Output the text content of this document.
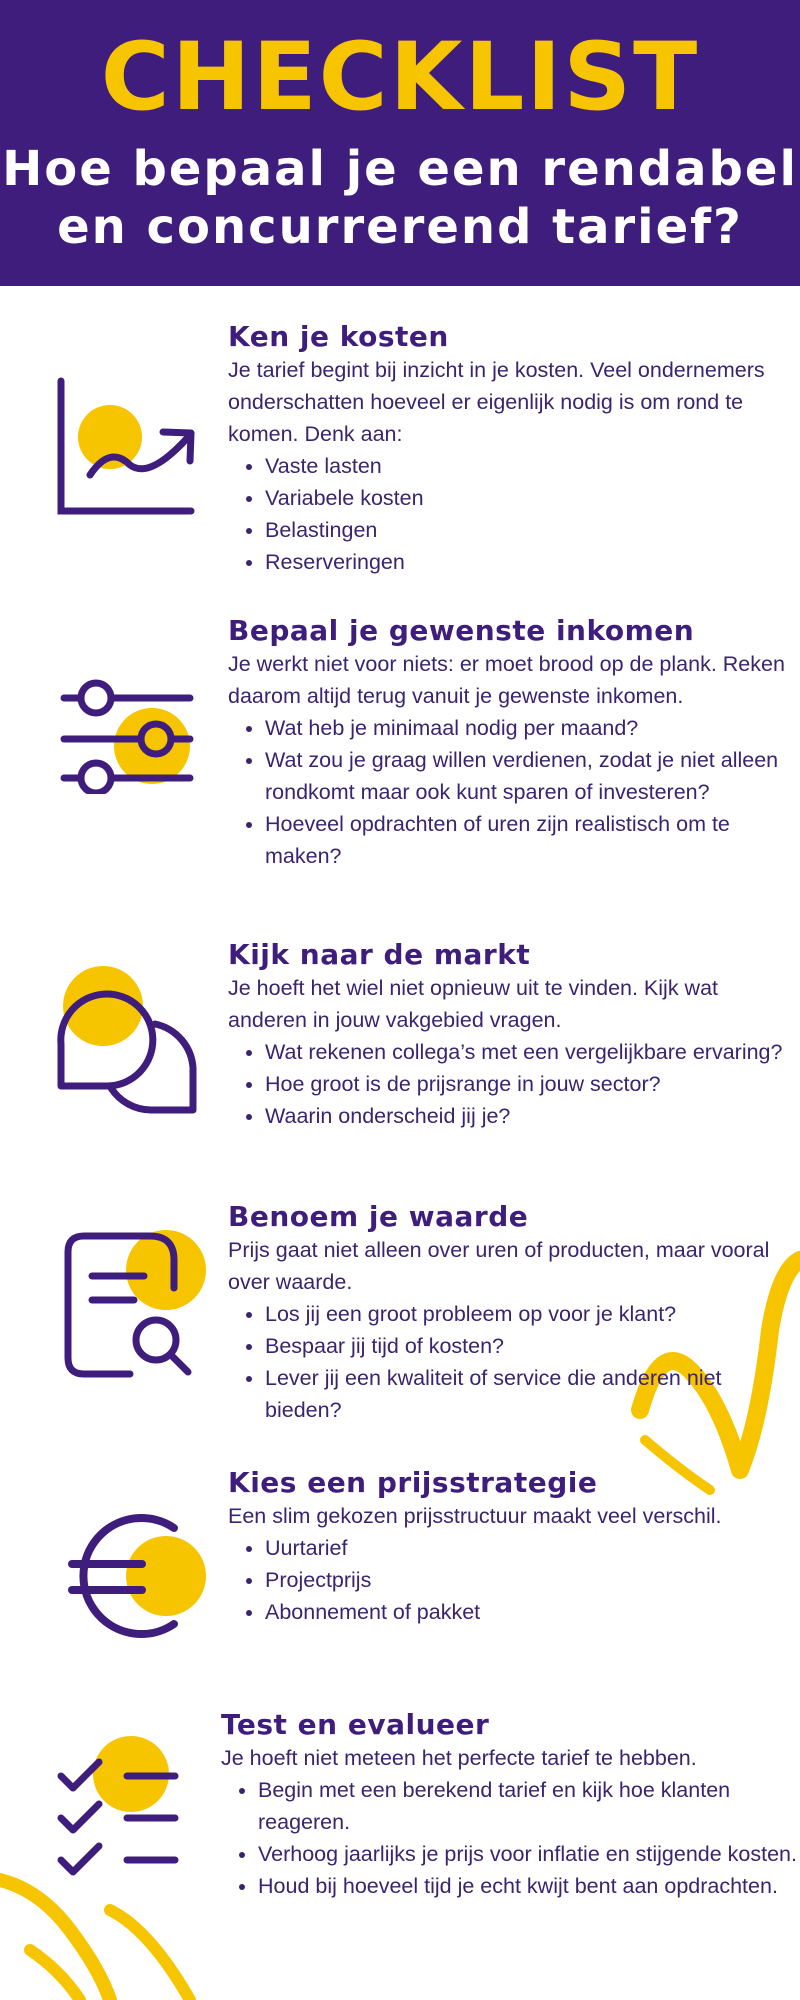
CHECKLIST
Hoe bepaal je een rendabel
en concurrerend tarief?
Ken je kosten

Je tarief begint bij inzicht in je kosten. Veel ondernemers onderschatten hoeveel er eigenlijk nodig is om rond te komen. Denk aan:

• Vaste lasten
• Variabele kosten
• Belastingen
• Reserveringen
Bepaal je gewenste inkomen

Je werkt niet voor niets: er moet brood op de plank. Reken daarom altijd terug vanuit je gewenste inkomen.

• Wat heb je minimaal nodig per maand?
• Wat zou je graag willen verdienen, zodat je niet alleen rondkomt maar ook kunt sparen of investeren?
• Hoeveel opdrachten of uren zijn realistisch om te maken?
Kijk naar de markt

Je hoeft het wiel niet opnieuw uit te vinden. Kijk wat anderen in jouw vakgebied vragen.

• Wat rekenen collega’s met een vergelijkbare ervaring?
• Hoe groot is de prijsrange in jouw sector?
• Waarin onderscheid jij je?
Benoem je waarde

Prijs gaat niet alleen over uren of producten, maar vooral over waarde.

• Los jij een groot probleem op voor je klant?
• Bespaar jij tijd of kosten?
• Lever jij een kwaliteit of service die anderen niet bieden?
Kies een prijsstrategie

Een slim gekozen prijsstructuur maakt veel verschil.

• Uurtarief
• Projectprijs
• Abonnement of pakket
Test en evalueer

Je hoeft niet meteen het perfecte tarief te hebben.

• Begin met een berekend tarief en kijk hoe klanten reageren.
• Verhoog jaarlijks je prijs voor inflatie en stijgende kosten.
• Houd bij hoeveel tijd je echt kwijt bent aan opdrachten.
